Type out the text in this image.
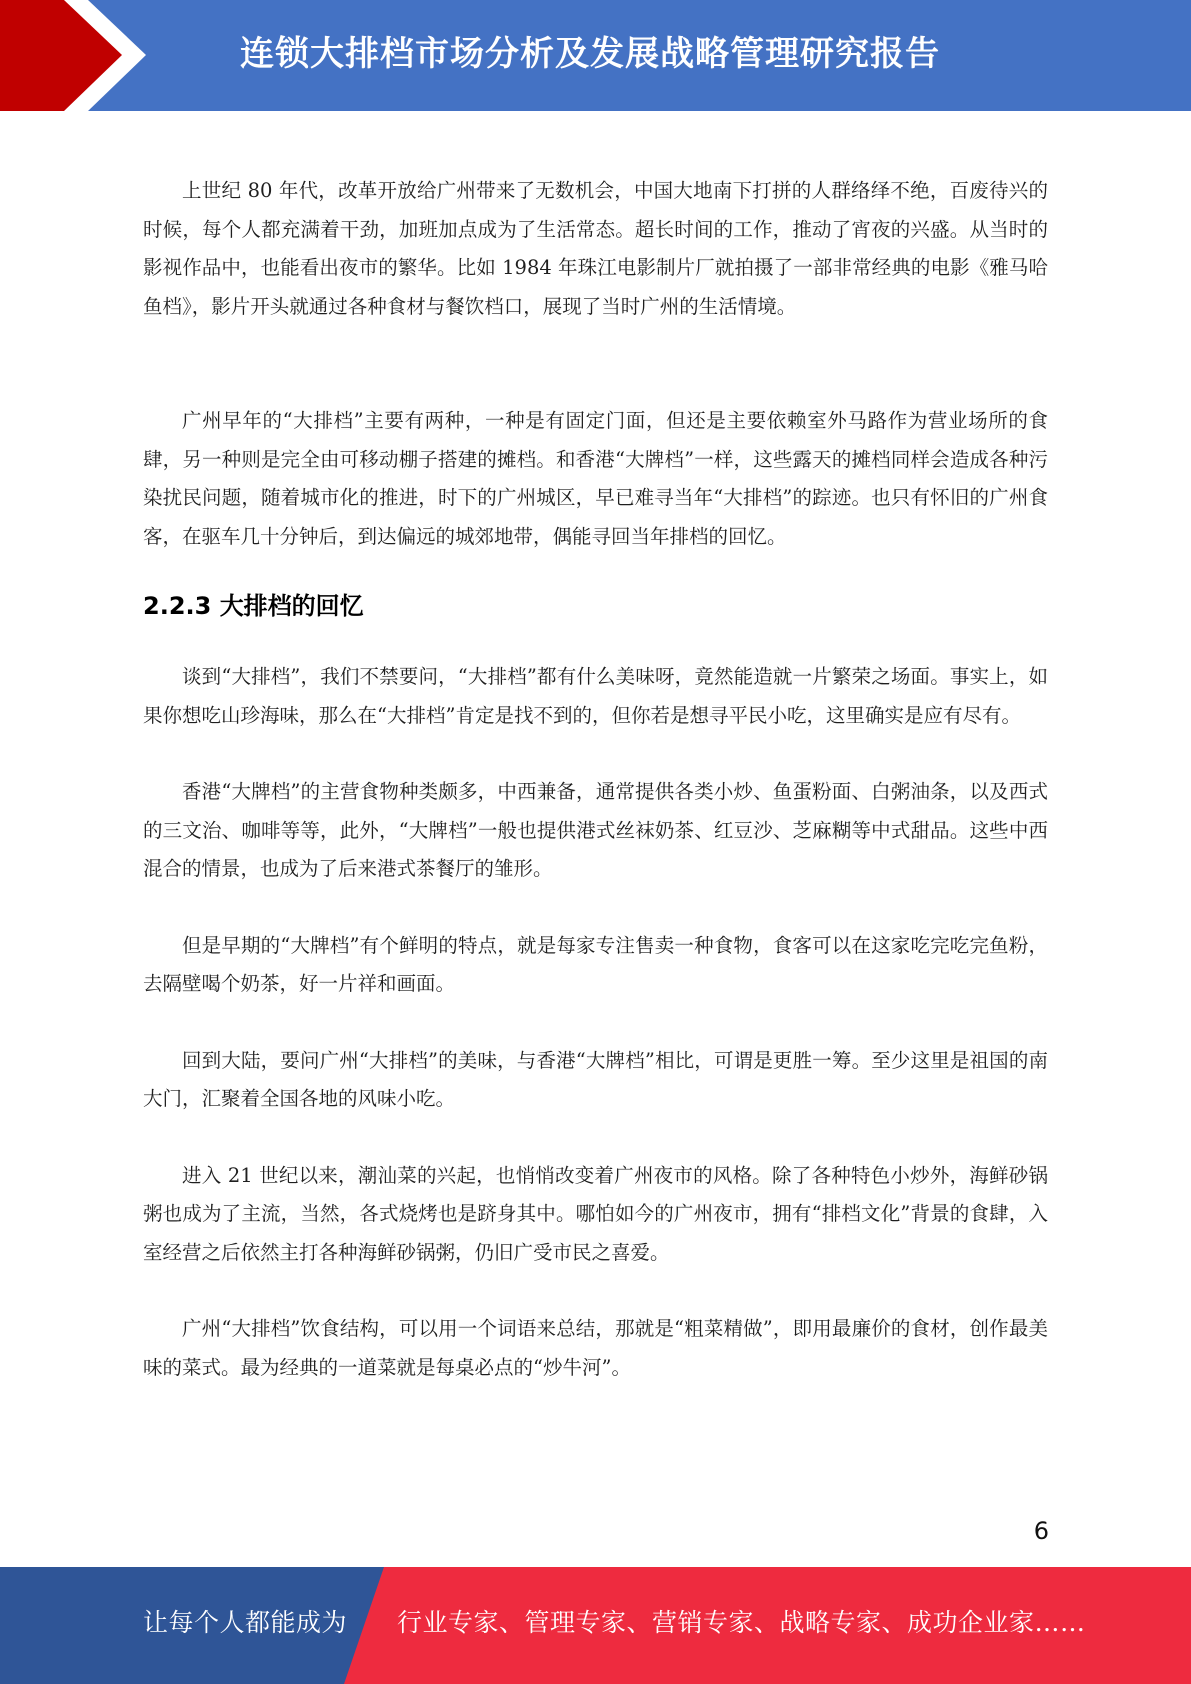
连锁大排档市场分析及发展战略管理研究报告

上世纪 80 年代，改革开放给广州带来了无数机会，中国大地南下打拼的人群络绎不绝，百废待兴的时候，每个人都充满着干劲，加班加点成为了生活常态。超长时间的工作，推动了宵夜的兴盛。从当时的影视作品中，也能看出夜市的繁华。比如 1984 年珠江电影制片厂就拍摄了一部非常经典的电影《雅马哈鱼档》，影片开头就通过各种食材与餐饮档口，展现了当时广州的生活情境。

广州早年的“大排档”主要有两种，一种是有固定门面，但还是主要依赖室外马路作为营业场所的食肆，另一种则是完全由可移动棚子搭建的摊档。和香港“大牌档”一样，这些露天的摊档同样会造成各种污染扰民问题，随着城市化的推进，时下的广州城区，早已难寻当年“大排档”的踪迹。也只有怀旧的广州食客，在驱车几十分钟后，到达偏远的城郊地带，偶能寻回当年排档的回忆。

2.2.3 大排档的回忆

谈到“大排档”，我们不禁要问，“大排档”都有什么美味呀，竟然能造就一片繁荣之场面。事实上，如果你想吃山珍海味，那么在“大排档”肯定是找不到的，但你若是想寻平民小吃，这里确实是应有尽有。

香港“大牌档”的主营食物种类颇多，中西兼备，通常提供各类小炒、鱼蛋粉面、白粥油条，以及西式的三文治、咖啡等等，此外，“大牌档”一般也提供港式丝袜奶茶、红豆沙、芝麻糊等中式甜品。这些中西混合的情景，也成为了后来港式茶餐厅的雏形。

但是早期的“大牌档”有个鲜明的特点，就是每家专注售卖一种食物，食客可以在这家吃完吃完鱼粉，去隔壁喝个奶茶，好一片祥和画面。

回到大陆，要问广州“大排档”的美味，与香港“大牌档”相比，可谓是更胜一筹。至少这里是祖国的南大门，汇聚着全国各地的风味小吃。

进入 21 世纪以来，潮汕菜的兴起，也悄悄改变着广州夜市的风格。除了各种特色小炒外，海鲜砂锅粥也成为了主流，当然，各式烧烤也是跻身其中。哪怕如今的广州夜市，拥有“排档文化”背景的食肆，入室经营之后依然主打各种海鲜砂锅粥，仍旧广受市民之喜爱。

广州“大排档”饮食结构，可以用一个词语来总结，那就是“粗菜精做”，即用最廉价的食材，创作最美味的菜式。最为经典的一道菜就是每桌必点的“炒牛河”。

6
让每个人都能成为 行业专家、管理专家、营销专家、战略专家、成功企业家……
